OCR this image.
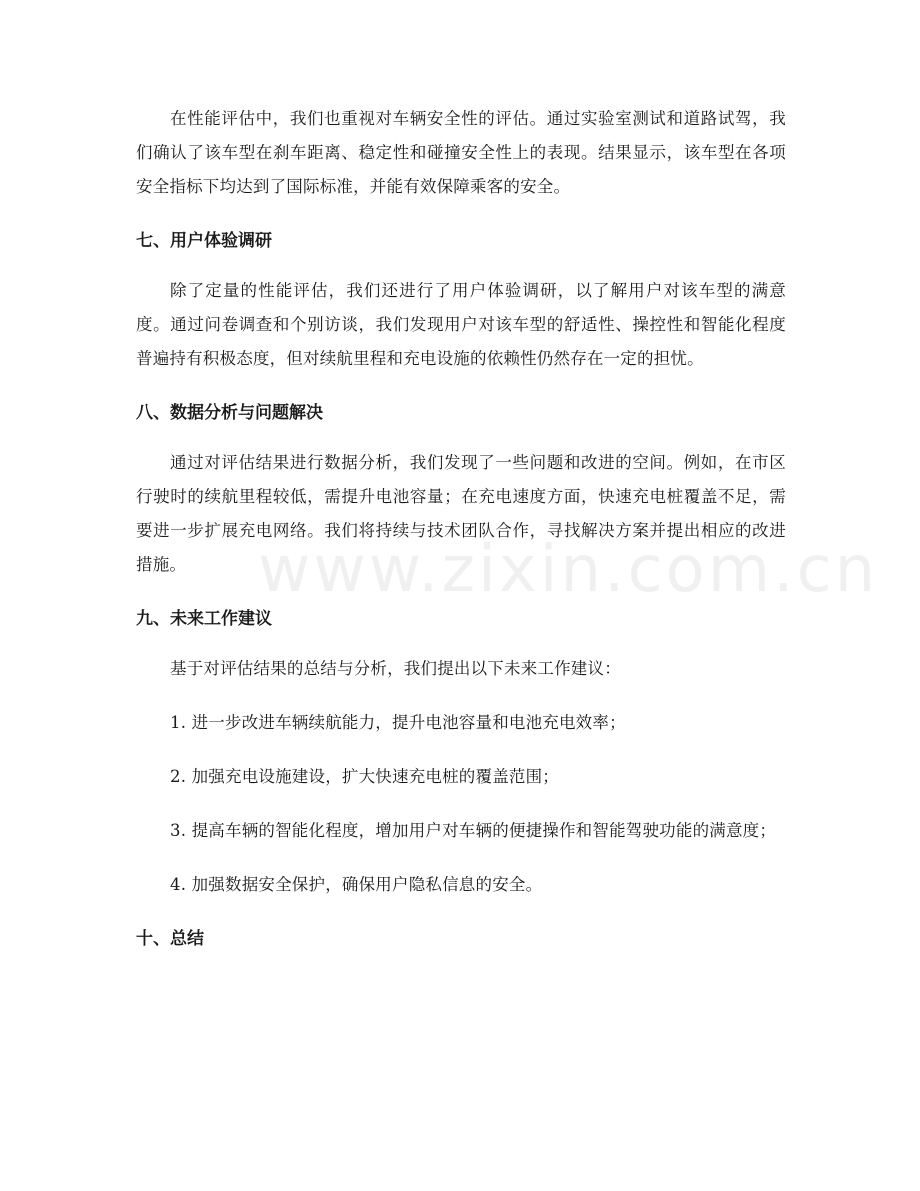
www.zixin.com.cn

在性能评估中，我们也重视对车辆安全性的评估。通过实验室测试和道路试驾，我们确认了该车型在刹车距离、稳定性和碰撞安全性上的表现。结果显示，该车型在各项安全指标下均达到了国际标准，并能有效保障乘客的安全。

七、用户体验调研

除了定量的性能评估，我们还进行了用户体验调研，以了解用户对该车型的满意度。通过问卷调查和个别访谈，我们发现用户对该车型的舒适性、操控性和智能化程度普遍持有积极态度，但对续航里程和充电设施的依赖性仍然存在一定的担忧。

八、数据分析与问题解决

通过对评估结果进行数据分析，我们发现了一些问题和改进的空间。例如，在市区行驶时的续航里程较低，需提升电池容量；在充电速度方面，快速充电桩覆盖不足，需要进一步扩展充电网络。我们将持续与技术团队合作，寻找解决方案并提出相应的改进措施。

九、未来工作建议

基于对评估结果的总结与分析，我们提出以下未来工作建议：

1. 进一步改进车辆续航能力，提升电池容量和电池充电效率；

2. 加强充电设施建设，扩大快速充电桩的覆盖范围；

3. 提高车辆的智能化程度，增加用户对车辆的便捷操作和智能驾驶功能的满意度；

4. 加强数据安全保护，确保用户隐私信息的安全。

十、总结
